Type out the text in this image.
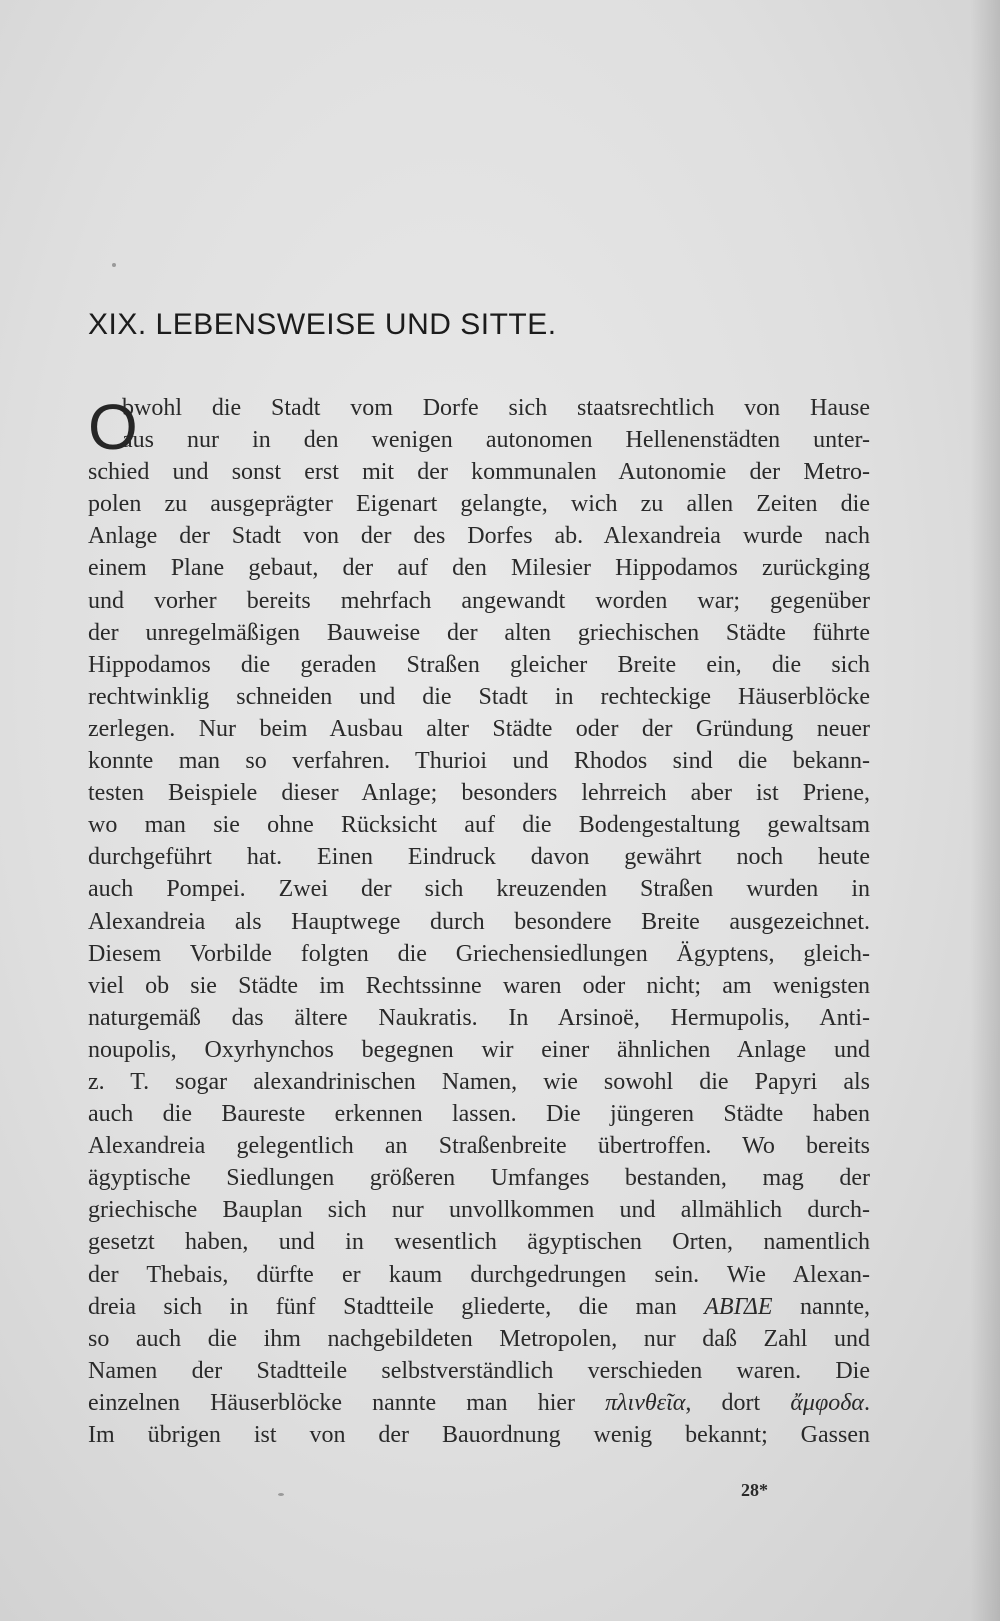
XIX. LEBENSWEISE UND SITTE.
O
bwohl die Stadt vom Dorfe sich staatsrechtlich von Hause
aus nur in den wenigen autonomen Hellenenstädten unter-
schied und sonst erst mit der kommunalen Autonomie der Metro-
polen zu ausgeprägter Eigenart gelangte, wich zu allen Zeiten die
Anlage der Stadt von der des Dorfes ab. Alexandreia wurde nach
einem Plane gebaut, der auf den Milesier Hippodamos zurückging
und vorher bereits mehrfach angewandt worden war; gegenüber
der unregelmäßigen Bauweise der alten griechischen Städte führte
Hippodamos die geraden Straßen gleicher Breite ein, die sich
rechtwinklig schneiden und die Stadt in rechteckige Häuserblöcke
zerlegen. Nur beim Ausbau alter Städte oder der Gründung neuer
konnte man so verfahren. Thurioi und Rhodos sind die bekann-
testen Beispiele dieser Anlage; besonders lehrreich aber ist Priene,
wo man sie ohne Rücksicht auf die Bodengestaltung gewaltsam
durchgeführt hat. Einen Eindruck davon gewährt noch heute
auch Pompei. Zwei der sich kreuzenden Straßen wurden in
Alexandreia als Hauptwege durch besondere Breite ausgezeichnet.
Diesem Vorbilde folgten die Griechensiedlungen Ägyptens, gleich-
viel ob sie Städte im Rechtssinne waren oder nicht; am wenigsten
naturgemäß das ältere Naukratis. In Arsinoë, Hermupolis, Anti-
noupolis, Oxyrhynchos begegnen wir einer ähnlichen Anlage und
z. T. sogar alexandrinischen Namen, wie sowohl die Papyri als
auch die Baureste erkennen lassen. Die jüngeren Städte haben
Alexandreia gelegentlich an Straßenbreite übertroffen. Wo bereits
ägyptische Siedlungen größeren Umfanges bestanden, mag der
griechische Bauplan sich nur unvollkommen und allmählich durch-
gesetzt haben, und in wesentlich ägyptischen Orten, namentlich
der Thebais, dürfte er kaum durchgedrungen sein. Wie Alexan-
dreia sich in fünf Stadtteile gliederte, die man ΑΒΓΔΕ nannte,
so auch die ihm nachgebildeten Metropolen, nur daß Zahl und
Namen der Stadtteile selbstverständlich verschieden waren. Die
einzelnen Häuserblöcke nannte man hier πλινθεῖα, dort ἄμφοδα.
Im übrigen ist von der Bauordnung wenig bekannt; Gassen

28*
